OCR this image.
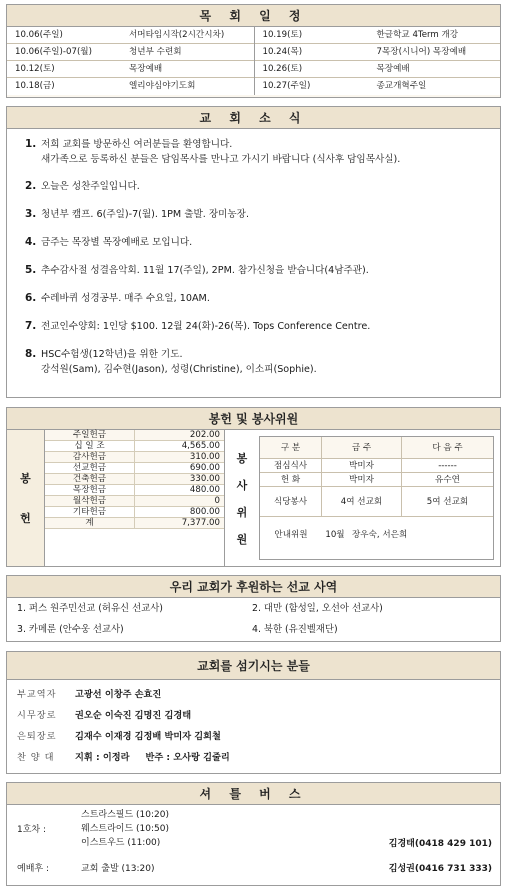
목 회 일 정
10.06(주일)	서머타임시작(2시간시차)
10.06(주일)-07(월)	청년부 수련회
10.12(토)	목장예배
10.18(금)	엘리야심야기도회
10.19(토)	한글학교 4Term 개강
10.24(목)	7목장(시니어) 목장예배
10.26(토)	목장예배
10.27(주일)	종교개혁주일
교 회 소 식
1. 저희 교회를 방문하신 여러분들을 환영합니다.
새가족으로 등록하신 분들은 담임목사를 만나고 가시기 바랍니다 (식사후 담임목사실).
2. 오늘은 성찬주일입니다.
3. 청년부 캠프. 6(주일)-7(월). 1PM 출발. 장미농장.
4. 금주는 목장별 목장예배로 모입니다.
5. 추수감사절 성결음악회. 11월 17(주일), 2PM. 참가신청을 받습니다(4남주관).
6. 수레바퀴 성경공부. 매주 수요일, 10AM.
7. 전교인수양회: 1인당 $100. 12월 24(화)-26(목). Tops Conference Centre.
8. HSC수험생(12학년)을 위한 기도.
강석원(Sam), 김수현(Jason), 성령(Christine), 이소피(Sophie).
봉헌 및 봉사위원
봉
헌
주일헌금	202.00
십 일 조	4,565.00
감사헌금	310.00
선교헌금	690.00
건축헌금	330.00
목장헌금	480.00
월삭헌금	0
기타헌금	800.00
계	7,377.00
봉
사
위
원
구 분	금 주	다 음 주
점심식사	박미자	------
헌 화	박미자	유수연
식당봉사	4여 선교회	5여 선교회
안내위원	10월 장우숙, 서은희
우리 교회가 후원하는 선교 사역
1. 퍼스 원주민선교 (허유신 선교사)	2. 대만 (함성일, 오선아 선교사)
3. 카메룬 (안수웅 선교사)	4. 북한 (유진벨재단)
교회를 섬기시는 분들
부교역자	고광선 이창주 손효진
시무장로	권오순 이숙진 김명진 김경태
은퇴장로	김재수 이재경 김정배 박미자 김희철
찬 양 대	지휘 : 이정라 반주 : 오사랑 김줄리
셔 틀 버 스
1호차 :
스트라스필드 (10:20)
웨스트라이드 (10:50)
이스트우드 (11:00)	김경태(0418 429 101)
예배후 :	교회 출발 (13:20)	김성권(0416 731 333)
